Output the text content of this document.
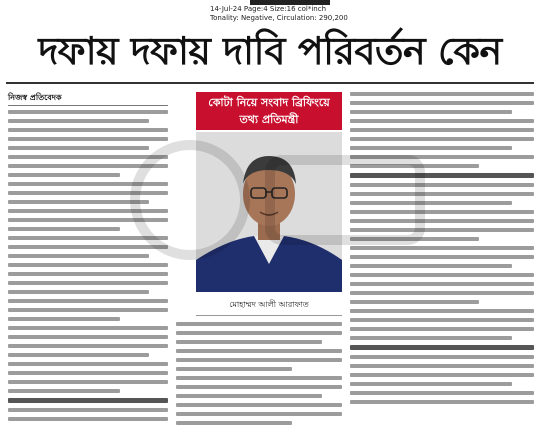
14-Jul-24 Page:4 Size:16 col*inch
Tonality: Negative, Circulation: 290,200
দফায় দফায় দাবি পরিবর্তন কেন
নিজস্ব প্রতিবেদক	কোটা নিয়ে সংবাদ ব্রিফিংয়ে
তথ্য প্রতিমন্ত্রী
মোহাম্মদ আলী আরাফাত
